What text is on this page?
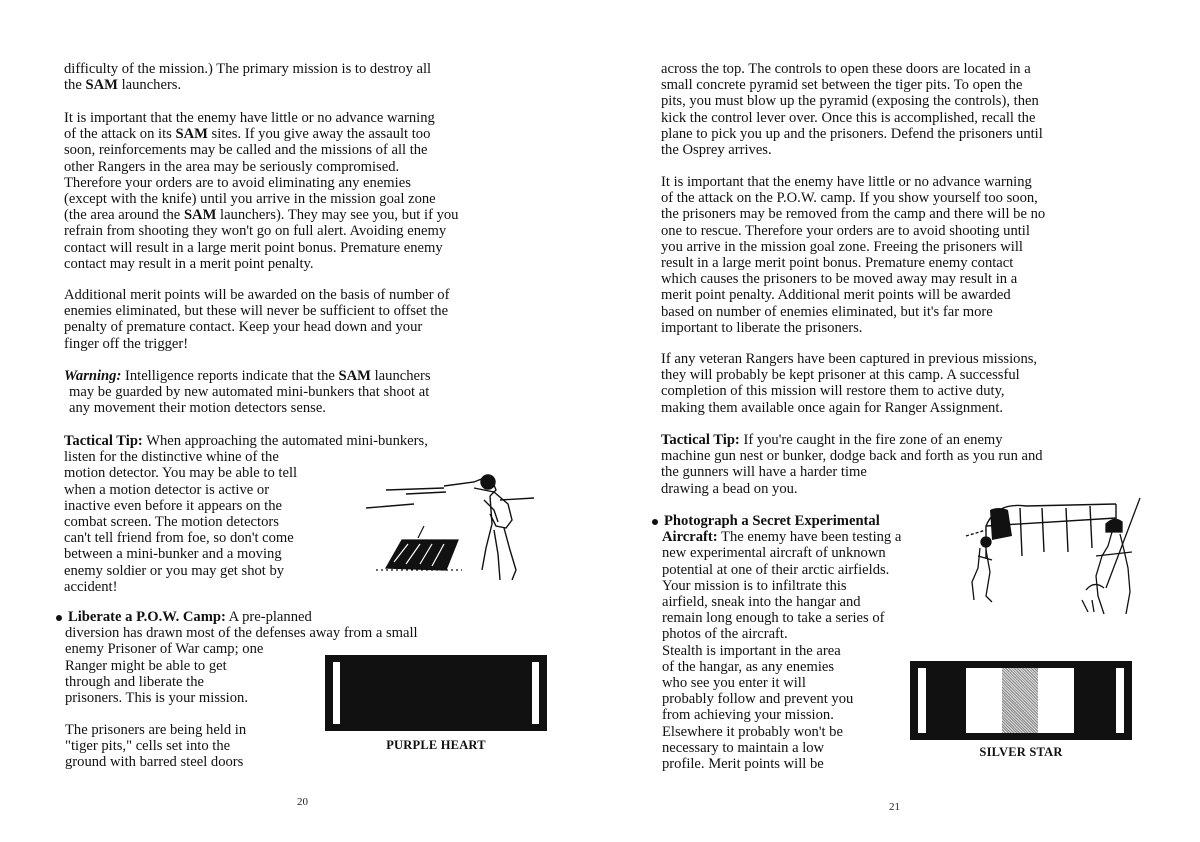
difficulty of the mission.) The primary mission is to destroy all
the SAM launchers.
It is important that the enemy have little or no advance warning
of the attack on its SAM sites. If you give away the assault too
soon, reinforcements may be called and the missions of all the
other Rangers in the area may be seriously compromised.
Therefore your orders are to avoid eliminating any enemies
(except with the knife) until you arrive in the mission goal zone
(the area around the SAM launchers). They may see you, but if you
refrain from shooting they won't go on full alert. Avoiding enemy
contact will result in a large merit point bonus. Premature enemy
contact may result in a merit point penalty.
Additional merit points will be awarded on the basis of number of
enemies eliminated, but these will never be sufficient to offset the
penalty of premature contact. Keep your head down and your
finger off the trigger!
Warning: Intelligence reports indicate that the SAM launchers
may be guarded by new automated mini-bunkers that shoot at
any movement their motion detectors sense.
Tactical Tip: When approaching the automated mini-bunkers,
listen for the distinctive whine of the
motion detector. You may be able to tell
when a motion detector is active or
inactive even before it appears on the
combat screen. The motion detectors
can't tell friend from foe, so don't come
between a mini-bunker and a moving
enemy soldier or you may get shot by
accident!
Liberate a P.O.W. Camp: A pre-planned
diversion has drawn most of the defenses away from a small
enemy Prisoner of War camp; one
Ranger might be able to get
through and liberate the
prisoners. This is your mission.
The prisoners are being held in
"tiger pits," cells set into the
ground with barred steel doors
PURPLE HEART
20
across the top. The controls to open these doors are located in a
small concrete pyramid set between the tiger pits. To open the
pits, you must blow up the pyramid (exposing the controls), then
kick the control lever over. Once this is accomplished, recall the
plane to pick you up and the prisoners. Defend the prisoners until
the Osprey arrives.
It is important that the enemy have little or no advance warning
of the attack on the P.O.W. camp. If you show yourself too soon,
the prisoners may be removed from the camp and there will be no
one to rescue. Therefore your orders are to avoid shooting until
you arrive in the mission goal zone. Freeing the prisoners will
result in a large merit point bonus. Premature enemy contact
which causes the prisoners to be moved away may result in a
merit point penalty. Additional merit points will be awarded
based on number of enemies eliminated, but it's far more
important to liberate the prisoners.
If any veteran Rangers have been captured in previous missions,
they will probably be kept prisoner at this camp. A successful
completion of this mission will restore them to active duty,
making them available once again for Ranger Assignment.
Tactical Tip: If you're caught in the fire zone of an enemy
machine gun nest or bunker, dodge back and forth as you run and
the gunners will have a harder time
drawing a bead on you.
Photograph a Secret Experimental
Aircraft: The enemy have been testing a
new experimental aircraft of unknown
potential at one of their arctic airfields.
Your mission is to infiltrate this
airfield, sneak into the hangar and
remain long enough to take a series of
photos of the aircraft.
Stealth is important in the area
of the hangar, as any enemies
who see you enter it will
probably follow and prevent you
from achieving your mission.
Elsewhere it probably won't be
necessary to maintain a low
profile. Merit points will be
SILVER STAR
21
